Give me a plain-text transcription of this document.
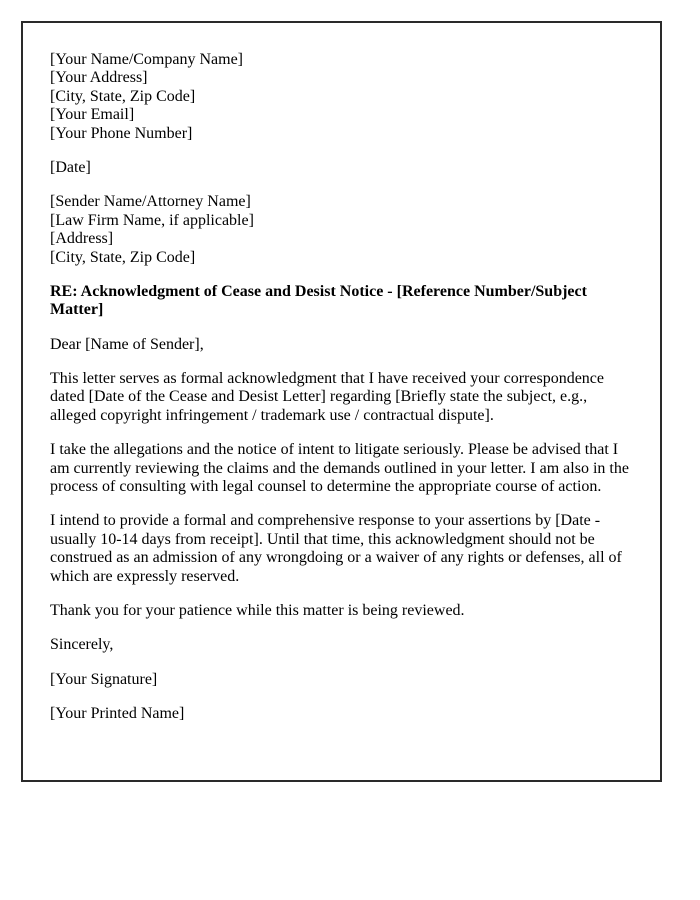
[Your Name/Company Name]
[Your Address]
[City, State, Zip Code]
[Your Email]
[Your Phone Number]
[Date]
[Sender Name/Attorney Name]
[Law Firm Name, if applicable]
[Address]
[City, State, Zip Code]
RE: Acknowledgment of Cease and Desist Notice - [Reference Number/Subject Matter]
Dear [Name of Sender],
This letter serves as formal acknowledgment that I have received your correspondence dated [Date of the Cease and Desist Letter] regarding [Briefly state the subject, e.g., alleged copyright infringement / trademark use / contractual dispute].
I take the allegations and the notice of intent to litigate seriously. Please be advised that I am currently reviewing the claims and the demands outlined in your letter. I am also in the process of consulting with legal counsel to determine the appropriate course of action.
I intend to provide a formal and comprehensive response to your assertions by [Date - usually 10-14 days from receipt]. Until that time, this acknowledgment should not be construed as an admission of any wrongdoing or a waiver of any rights or defenses, all of which are expressly reserved.
Thank you for your patience while this matter is being reviewed.
Sincerely,
[Your Signature]
[Your Printed Name]
